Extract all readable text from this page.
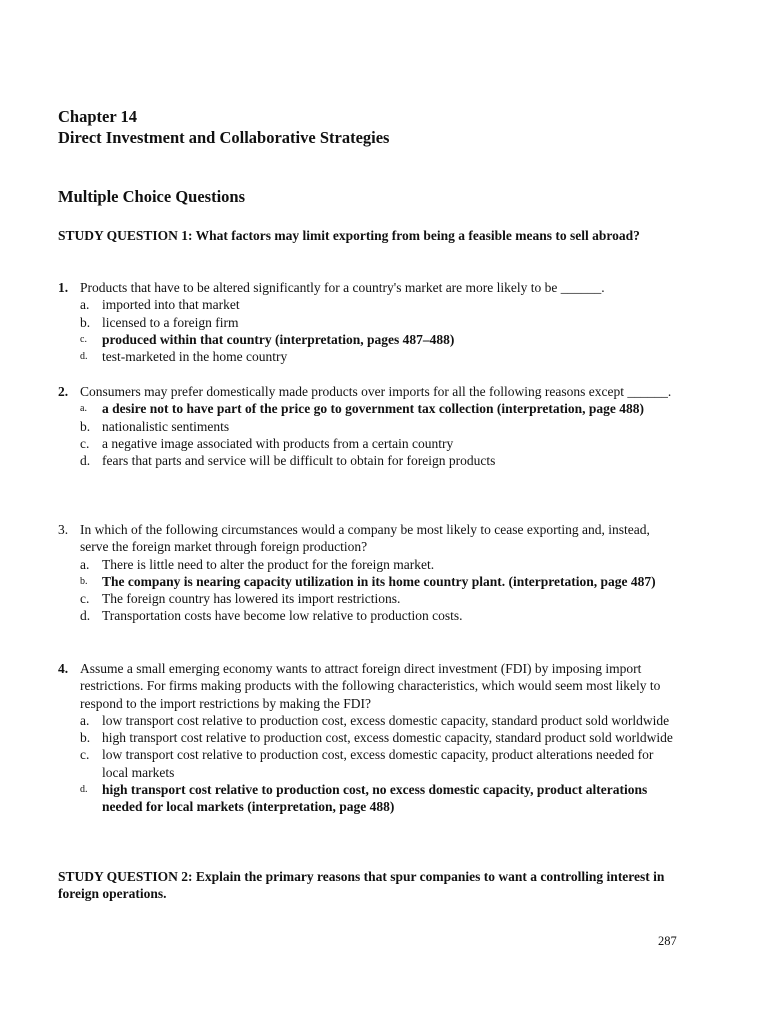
Chapter 14
Direct Investment and Collaborative Strategies
Multiple Choice Questions
STUDY QUESTION 1: What factors may limit exporting from being a feasible means to sell abroad?
1. Products that have to be altered significantly for a country's market are more likely to be ______.
a. imported into that market
b. licensed to a foreign firm
c.	produced within that country (interpretation, pages 487–488)
d.	test-marketed in the home country
2. Consumers may prefer domestically made products over imports for all the following reasons except ______.
a.	a desire not to have part of the price go to government tax collection (interpretation, page 488)
b. nationalistic sentiments
c. a negative image associated with products from a certain country
d. fears that parts and service will be difficult to obtain for foreign products
3. In which of the following circumstances would a company be most likely to cease exporting and, instead, serve the foreign market through foreign production?
a. There is little need to alter the product for the foreign market.
b.	The company is nearing capacity utilization in its home country plant. (interpretation, page 487)
c. The foreign country has lowered its import restrictions.
d. Transportation costs have become low relative to production costs.
4. Assume a small emerging economy wants to attract foreign direct investment (FDI) by imposing import restrictions. For firms making products with the following characteristics, which would seem most likely to respond to the import restrictions by making the FDI?
a. low transport cost relative to production cost, excess domestic capacity, standard product sold worldwide
b. high transport cost relative to production cost, excess domestic capacity, standard product sold worldwide
c. low transport cost relative to production cost, excess domestic capacity, product alterations needed for local markets
d.	high transport cost relative to production cost, no excess domestic capacity, product alterations needed for local markets (interpretation, page 488)
STUDY QUESTION 2: Explain the primary reasons that spur companies to want a controlling interest in foreign operations.
287
